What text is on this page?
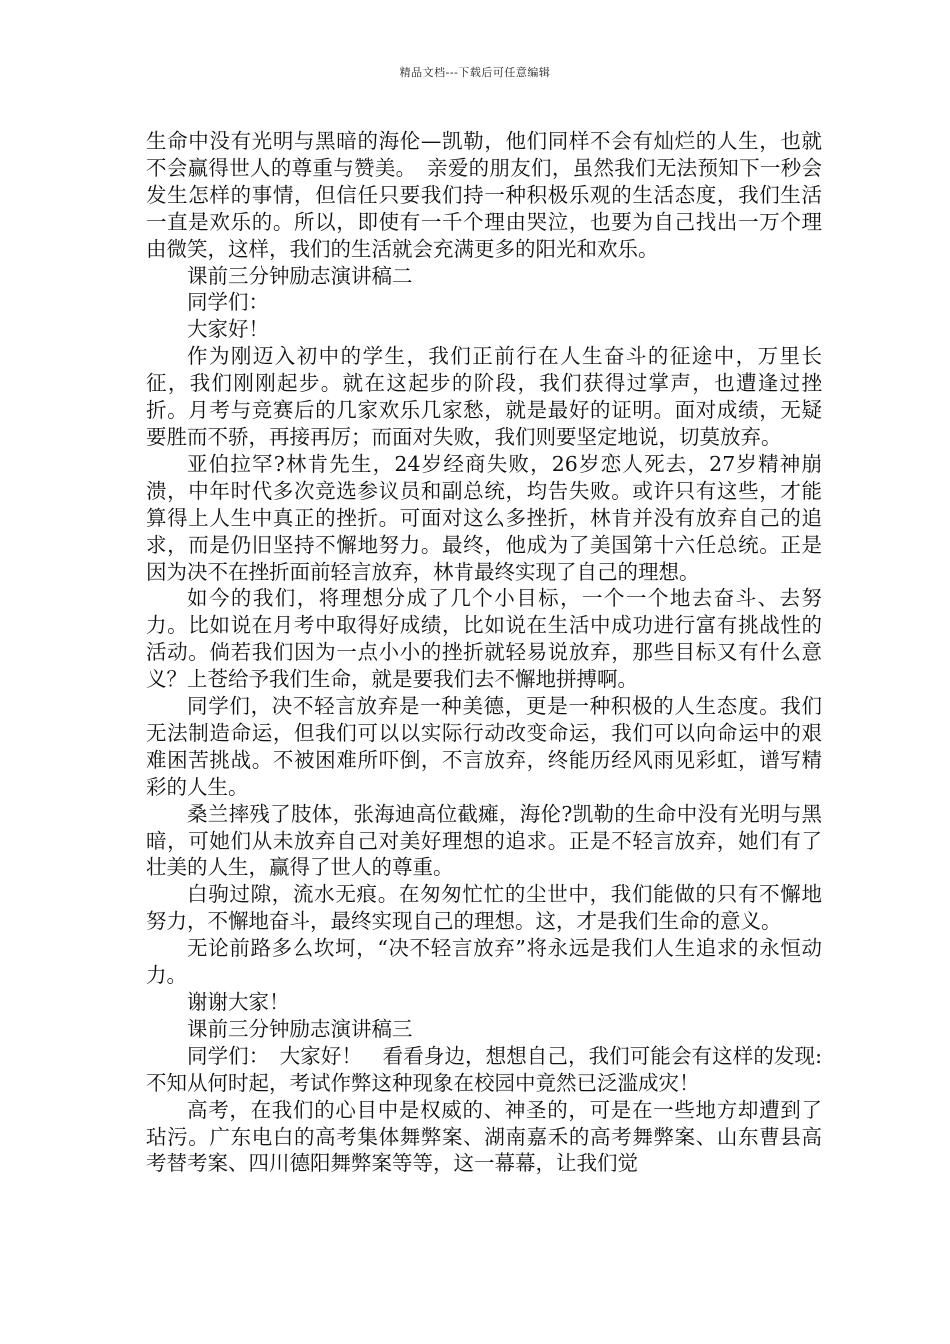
精品文档---下载后可任意编辑

生命中没有光明与黑暗的海伦—凯勒，他们同样不会有灿烂的人生，也就不会赢得世人的尊重与赞美。　亲爱的朋友们，虽然我们无法预知下一秒会发生怎样的事情，但信任只要我们持一种积极乐观的生活态度，我们生活一直是欢乐的。所以，即使有一千个理由哭泣，也要为自己找出一万个理由微笑，这样，我们的生活就会充满更多的阳光和欢乐。

课前三分钟励志演讲稿二

同学们：

大家好！

作为刚迈入初中的学生，我们正前行在人生奋斗的征途中，万里长征，我们刚刚起步。就在这起步的阶段，我们获得过掌声，也遭逢过挫折。月考与竞赛后的几家欢乐几家愁，就是最好的证明。面对成绩，无疑要胜而不骄，再接再厉；而面对失败，我们则要坚定地说，切莫放弃。

亚伯拉罕?林肯先生，24岁经商失败，26岁恋人死去，27岁精神崩溃，中年时代多次竞选参议员和副总统，均告失败。或许只有这些，才能算得上人生中真正的挫折。可面对这么多挫折，林肯并没有放弃自己的追求，而是仍旧坚持不懈地努力。最终，他成为了美国第十六任总统。正是因为决不在挫折面前轻言放弃，林肯最终实现了自己的理想。

如今的我们，将理想分成了几个小目标，一个一个地去奋斗、去努力。比如说在月考中取得好成绩，比如说在生活中成功进行富有挑战性的活动。倘若我们因为一点小小的挫折就轻易说放弃，那些目标又有什么意义？上苍给予我们生命，就是要我们去不懈地拼搏啊。

同学们，决不轻言放弃是一种美德，更是一种积极的人生态度。我们无法制造命运，但我们可以以实际行动改变命运，我们可以向命运中的艰难困苦挑战。不被困难所吓倒，不言放弃，终能历经风雨见彩虹，谱写精彩的人生。

桑兰摔残了肢体，张海迪高位截瘫，海伦?凯勒的生命中没有光明与黑暗，可她们从未放弃自己对美好理想的追求。正是不轻言放弃，她们有了壮美的人生，赢得了世人的尊重。

白驹过隙，流水无痕。在匆匆忙忙的尘世中，我们能做的只有不懈地努力，不懈地奋斗，最终实现自己的理想。这，才是我们生命的意义。

无论前路多么坎坷，“决不轻言放弃”将永远是我们人生追求的永恒动力。

谢谢大家！

课前三分钟励志演讲稿三

同学们：　大家好！　看看身边，想想自己，我们可能会有这样的发现:不知从何时起，考试作弊这种现象在校园中竟然已泛滥成灾！

高考，在我们的心目中是权威的、神圣的，可是在一些地方却遭到了玷污。广东电白的高考集体舞弊案、湖南嘉禾的高考舞弊案、山东曹县高考替考案、四川德阳舞弊案等等，这一幕幕，让我们觉
